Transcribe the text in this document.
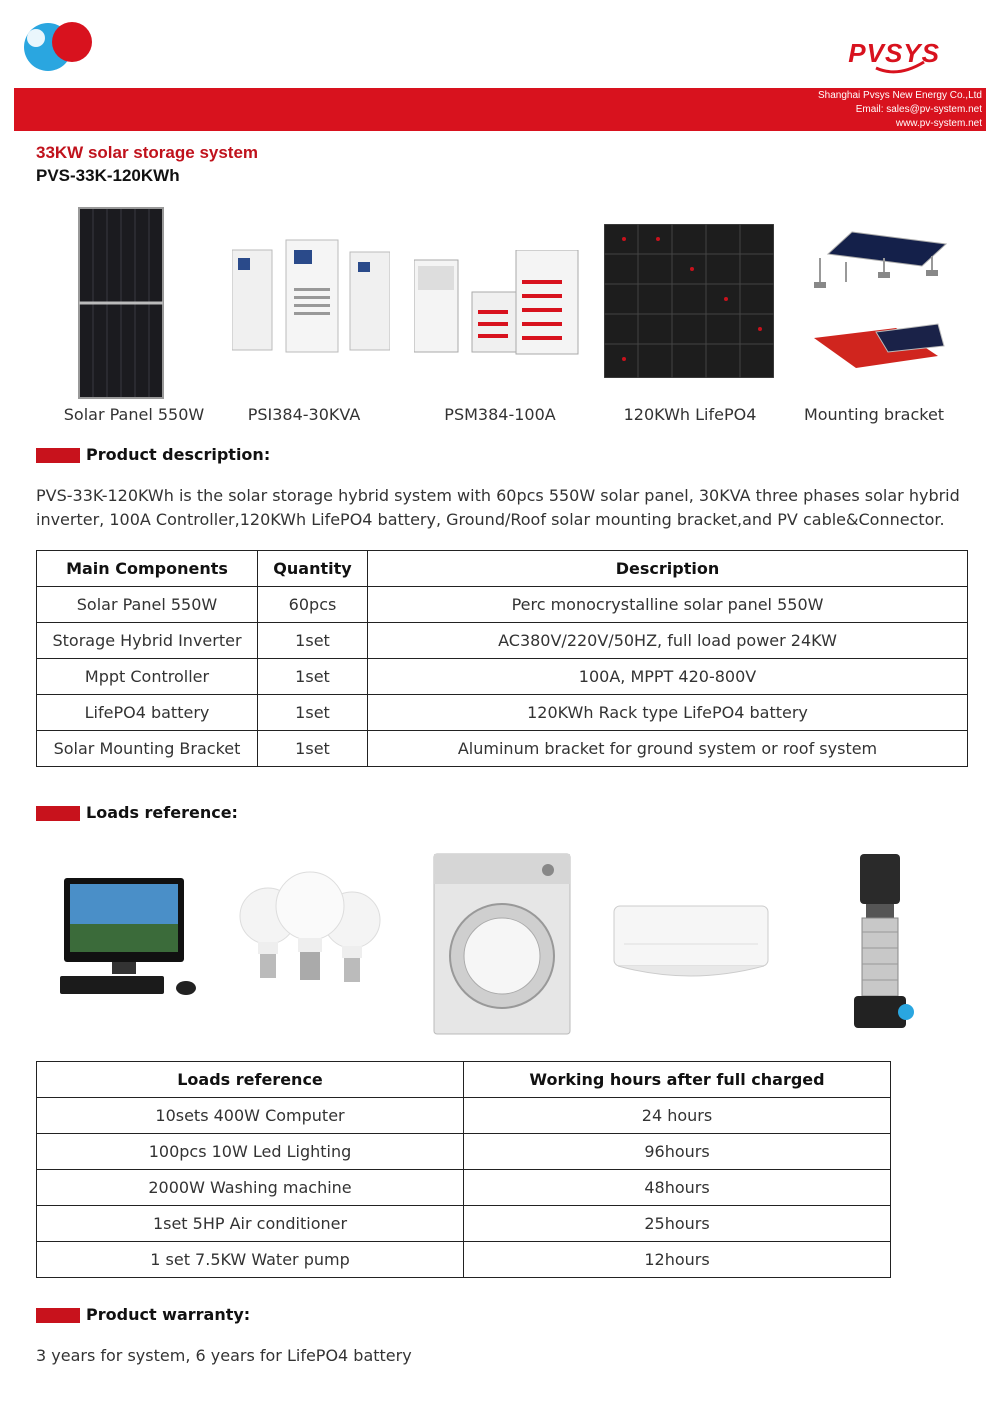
PVSYS
Shanghai Pvsys New Energy Co.,Ltd
Email: sales@pv-system.net
www.pv-system.net
33KW solar storage system
PVS-33K-120KWh
Solar Panel 550W	PSI384-30KVA	PSM384-100A	120KWh LifePO4	Mounting bracket
Product description:
PVS-33K-120KWh is the solar storage hybrid system with 60pcs 550W solar panel, 30KVA three phases solar hybrid inverter, 100A Controller,120KWh LifePO4 battery, Ground/Roof solar mounting bracket,and PV cable&Connector.
Main Components	Quantity	Description
Solar Panel 550W	60pcs	Perc monocrystalline solar panel 550W
Storage Hybrid Inverter	1set	AC380V/220V/50HZ, full load power 24KW
Mppt Controller	1set	100A, MPPT 420-800V
LifePO4 battery	1set	120KWh Rack type LifePO4 battery
Solar Mounting Bracket	1set	Aluminum bracket for ground system or roof system
Loads reference:
Loads reference	Working hours after full charged
10sets 400W Computer	24 hours
100pcs 10W Led Lighting	96hours
2000W Washing machine	48hours
1set 5HP Air conditioner	25hours
1 set 7.5KW Water pump	12hours
Product warranty:
3 years for system, 6 years for LifePO4 battery
